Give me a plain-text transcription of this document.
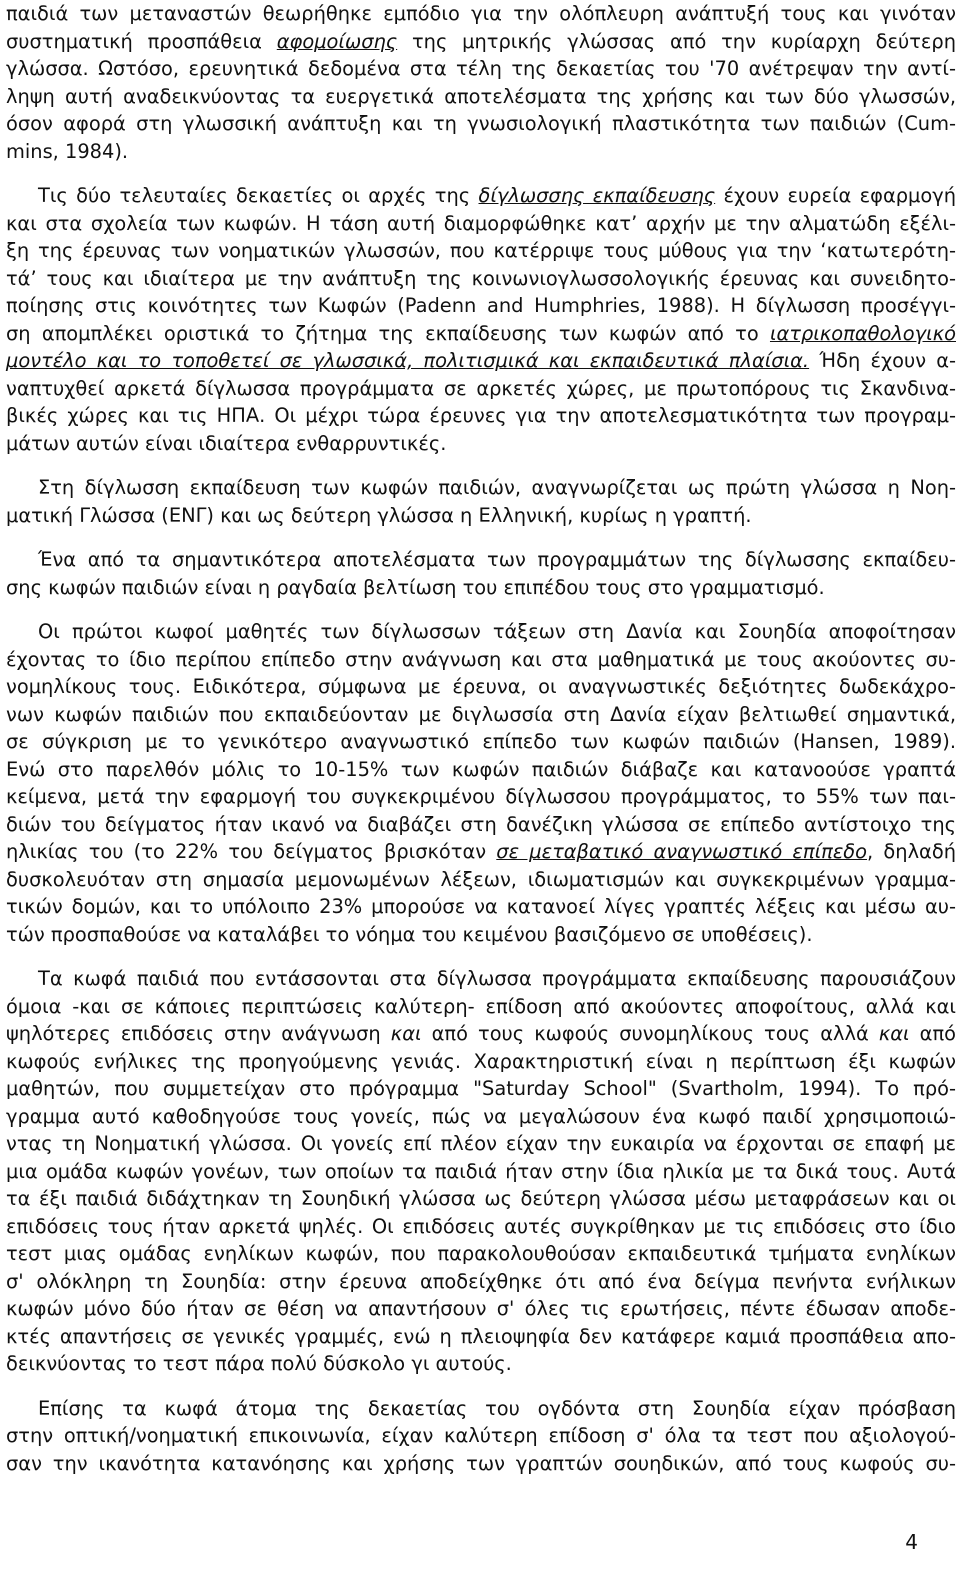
παιδιά των μεταναστών θεωρήθηκε εμπόδιο για την ολόπλευρη ανάπτυξή τους και γινόταν
συστηματική προσπάθεια αφομοίωσης της μητρικής γλώσσας από την κυρίαρχη δεύτερη
γλώσσα. Ωστόσο, ερευνητικά δεδομένα στα τέλη της δεκαετίας του '70 ανέτρεψαν την αντί-
ληψη αυτή αναδεικνύοντας τα ευεργετικά αποτελέσματα της χρήσης και των δύο γλωσσών,
όσον αφορά στη γλωσσική ανάπτυξη και τη γνωσιολογική πλαστικότητα των παιδιών (Cum-
mins, 1984).
Τις δύο τελευταίες δεκαετίες οι αρχές της δίγλωσσης εκπαίδευσης έχουν ευρεία εφαρμογή
και στα σχολεία των κωφών. Η τάση αυτή διαμορφώθηκε κατ’ αρχήν με την αλματώδη εξέλι-
ξη της έρευνας των νοηματικών γλωσσών, που κατέρριψε τους μύθους για την ‘κατωτερότη-
τά’ τους και ιδιαίτερα με την ανάπτυξη της κοινωνιογλωσσολογικής έρευνας και συνειδητο-
ποίησης στις κοινότητες των Κωφών (Padenn and Humphries, 1988). Η δίγλωσση προσέγγι-
ση απομπλέκει οριστικά το ζήτημα της εκπαίδευσης των κωφών από το ιατρικοπαθολογικό
μοντέλο και το τοποθετεί σε γλωσσικά, πολιτισμικά και εκπαιδευτικά πλαίσια. Ήδη έχουν α-
ναπτυχθεί αρκετά δίγλωσσα προγράμματα σε αρκετές χώρες, με πρωτοπόρους τις Σκανδινα-
βικές χώρες και τις ΗΠΑ. Οι μέχρι τώρα έρευνες για την αποτελεσματικότητα των προγραμ-
μάτων αυτών είναι ιδιαίτερα ενθαρρυντικές.
Στη δίγλωσση εκπαίδευση των κωφών παιδιών, αναγνωρίζεται ως πρώτη γλώσσα η Νοη-
ματική Γλώσσα (ΕΝΓ) και ως δεύτερη γλώσσα η Ελληνική, κυρίως η γραπτή.
Ένα από τα σημαντικότερα αποτελέσματα των προγραμμάτων της δίγλωσσης εκπαίδευ-
σης κωφών παιδιών είναι η ραγδαία βελτίωση του επιπέδου τους στο γραμματισμό.
Οι πρώτοι κωφοί μαθητές των δίγλωσσων τάξεων στη Δανία και Σουηδία αποφοίτησαν
έχοντας το ίδιο περίπου επίπεδο στην ανάγνωση και στα μαθηματικά με τους ακούοντες συ-
νομηλίκους τους. Ειδικότερα, σύμφωνα με έρευνα, οι αναγνωστικές δεξιότητες δωδεκάχρο-
νων κωφών παιδιών που εκπαιδεύονταν με διγλωσσία στη Δανία είχαν βελτιωθεί σημαντικά,
σε σύγκριση με το γενικότερο αναγνωστικό επίπεδο των κωφών παιδιών (Hansen, 1989).
Ενώ στο παρελθόν μόλις το 10-15% των κωφών παιδιών διάβαζε και κατανοούσε γραπτά
κείμενα, μετά την εφαρμογή του συγκεκριμένου δίγλωσσου προγράμματος, το 55% των παι-
διών του δείγματος ήταν ικανό να διαβάζει στη δανέζικη γλώσσα σε επίπεδο αντίστοιχο της
ηλικίας του (το 22% του δείγματος βρισκόταν σε μεταβατικό αναγνωστικό επίπεδο, δηλαδή
δυσκολευόταν στη σημασία μεμονωμένων λέξεων, ιδιωματισμών και συγκεκριμένων γραμμα-
τικών δομών, και το υπόλοιπο 23% μπορούσε να κατανοεί λίγες γραπτές λέξεις και μέσω αυ-
τών προσπαθούσε να καταλάβει το νόημα του κειμένου βασιζόμενο σε υποθέσεις).
Τα κωφά παιδιά που εντάσσονται στα δίγλωσσα προγράμματα εκπαίδευσης παρουσιάζουν
όμοια -και σε κάποιες περιπτώσεις καλύτερη- επίδοση από ακούοντες αποφοίτους, αλλά και
ψηλότερες επιδόσεις στην ανάγνωση και από τους κωφούς συνομηλίκους τους αλλά και από
κωφούς ενήλικες της προηγούμενης γενιάς. Χαρακτηριστική είναι η περίπτωση έξι κωφών
μαθητών, που συμμετείχαν στο πρόγραμμα "Saturday School" (Svartholm, 1994). Το πρό-
γραμμα αυτό καθοδηγούσε τους γονείς, πώς να μεγαλώσουν ένα κωφό παιδί χρησιμοποιώ-
ντας τη Νοηματική γλώσσα. Οι γονείς επί πλέον είχαν την ευκαιρία να έρχονται σε επαφή με
μια ομάδα κωφών γονέων, των οποίων τα παιδιά ήταν στην ίδια ηλικία με τα δικά τους. Αυτά
τα έξι παιδιά διδάχτηκαν τη Σουηδική γλώσσα ως δεύτερη γλώσσα μέσω μεταφράσεων και οι
επιδόσεις τους ήταν αρκετά ψηλές. Οι επιδόσεις αυτές συγκρίθηκαν με τις επιδόσεις στο ίδιο
τεστ μιας ομάδας ενηλίκων κωφών, που παρακολουθούσαν εκπαιδευτικά τμήματα ενηλίκων
σ' ολόκληρη τη Σουηδία: στην έρευνα αποδείχθηκε ότι από ένα δείγμα πενήντα ενήλικων
κωφών μόνο δύο ήταν σε θέση να απαντήσουν σ' όλες τις ερωτήσεις, πέντε έδωσαν αποδε-
κτές απαντήσεις σε γενικές γραμμές, ενώ η πλειοψηφία δεν κατάφερε καμιά προσπάθεια απο-
δεικνύοντας το τεστ πάρα πολύ δύσκολο γι αυτούς.
Επίσης τα κωφά άτομα της δεκαετίας του ογδόντα στη Σουηδία είχαν πρόσβαση
στην οπτική/νοηματική επικοινωνία, είχαν καλύτερη επίδοση σ' όλα τα τεστ που αξιολογού-
σαν την ικανότητα κατανόησης και χρήσης των γραπτών σουηδικών, από τους κωφούς συ-
4
